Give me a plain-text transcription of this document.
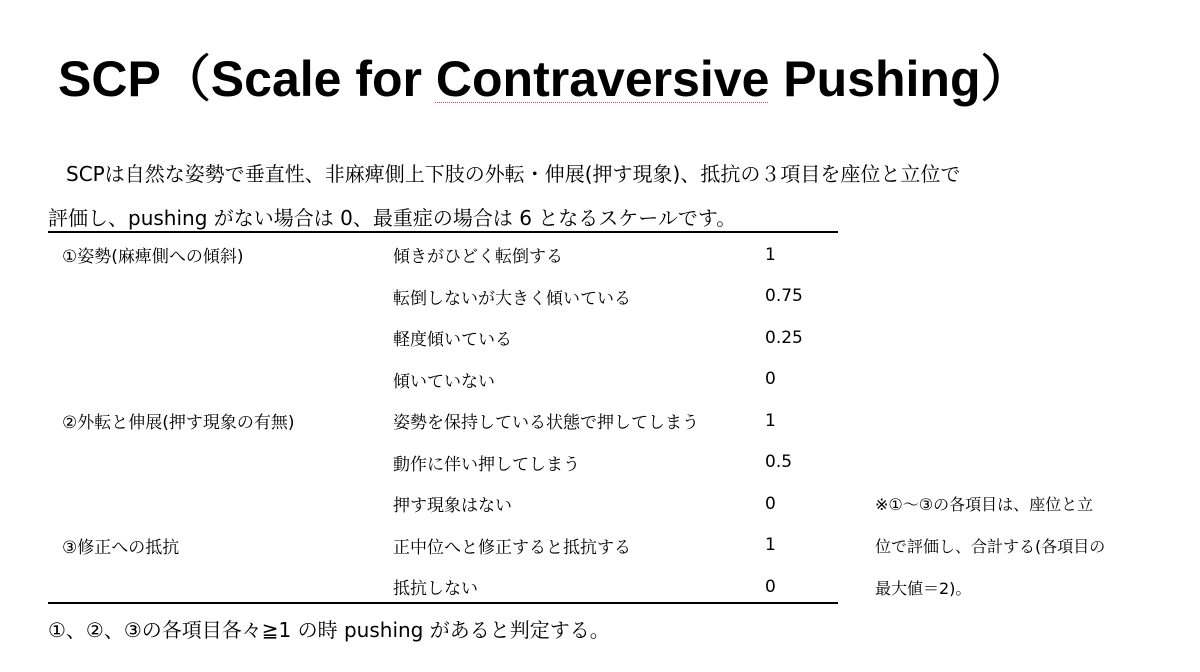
SCP（Scale for Contraversive Pushing）

SCPは自然な姿勢で垂直性、非麻痺側上下肢の外転・伸展(押す現象)、抵抗の３項目を座位と立位で
評価し、pushing がない場合は 0、最重症の場合は 6 となるスケールです。

①姿勢(麻痺側への傾斜)	傾きがひどく転倒する	1
	転倒しないが大きく傾いている	0.75
	軽度傾いている	0.25
	傾いていない	0
②外転と伸展(押す現象の有無)	姿勢を保持している状態で押してしまう	1
	動作に伴い押してしまう	0.5
	押す現象はない	0
③修正への抵抗	正中位へと修正すると抵抗する	1
	抵抗しない	0

※①～③の各項目は、座位と立
位で評価し、合計する(各項目の
最大値＝2)。

①、②、③の各項目各々≧1 の時 pushing があると判定する。
